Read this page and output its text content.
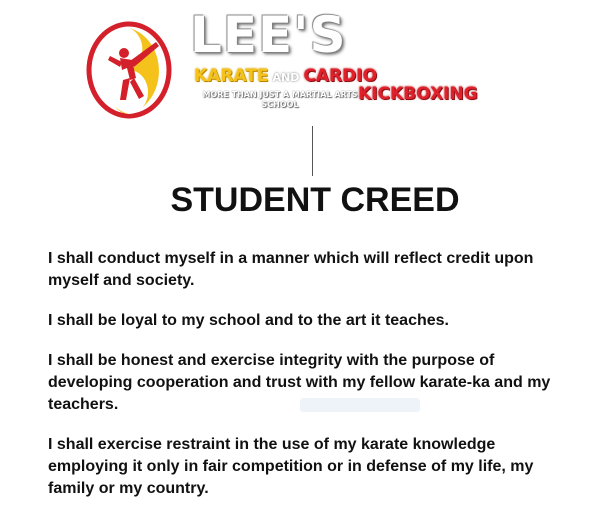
LEE'S
KARATE AND CARDIO
KICKBOXING
MORE THAN JUST A MARTIAL ARTS SCHOOL
STUDENT CREED

I shall conduct myself in a manner which will reflect credit upon myself and society.

I shall be loyal to my school and to the art it teaches.

I shall be honest and exercise integrity with the purpose of developing cooperation and trust with my fellow karate-ka and my teachers.

I shall exercise restraint in the use of my karate knowledge employing it only in fair competition or in defense of my life, my family or my country.
